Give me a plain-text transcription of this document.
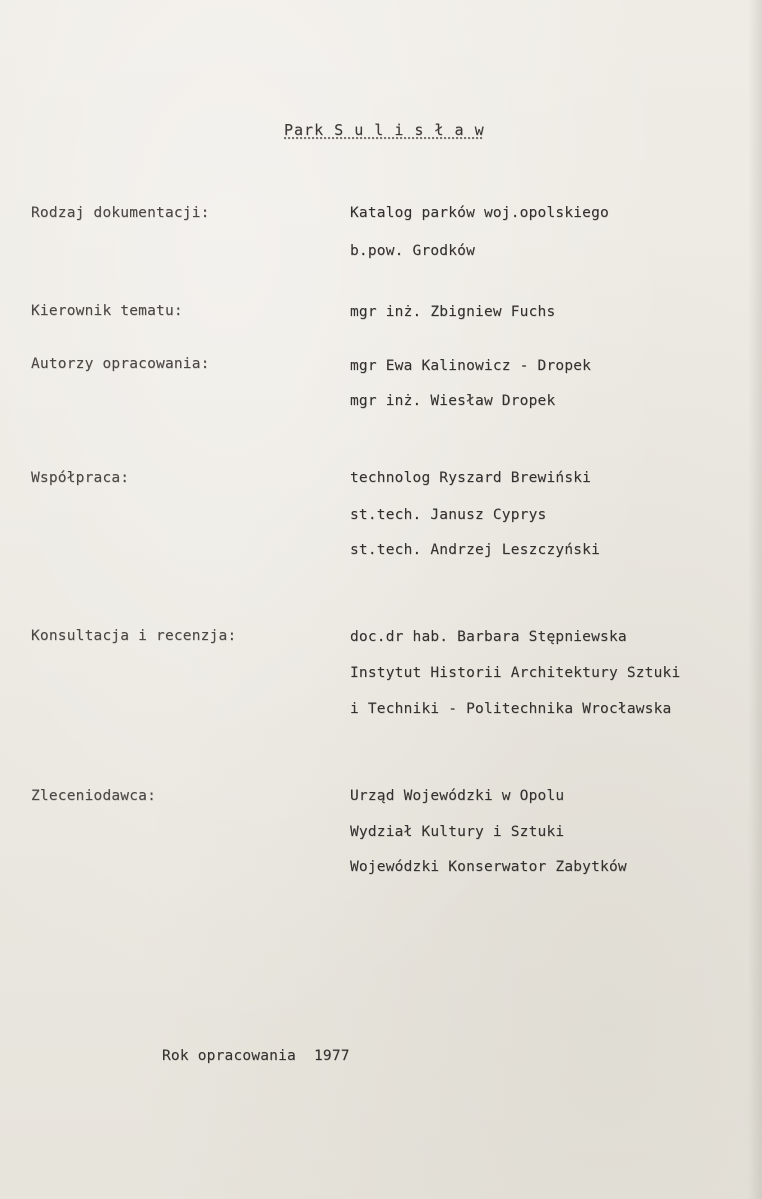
Park S u l i s ł a w
Rodzaj dokumentacji:	Katalog parków woj.opolskiego
b.pow. Grodków
Kierownik tematu:	mgr inż. Zbigniew Fuchs
Autorzy opracowania:	mgr Ewa Kalinowicz - Dropek
mgr inż. Wiesław Dropek
Współpraca:	technolog Ryszard Brewiński
st.tech. Janusz Cyprys
st.tech. Andrzej Leszczyński
Konsultacja i recenzja:	doc.dr hab. Barbara Stępniewska
Instytut Historii Architektury Sztuki
i Techniki - Politechnika Wrocławska
Zleceniodawca:	Urząd Wojewódzki w Opolu
Wydział Kultury i Sztuki
Wojewódzki Konserwator Zabytków
Rok opracowania 1977
